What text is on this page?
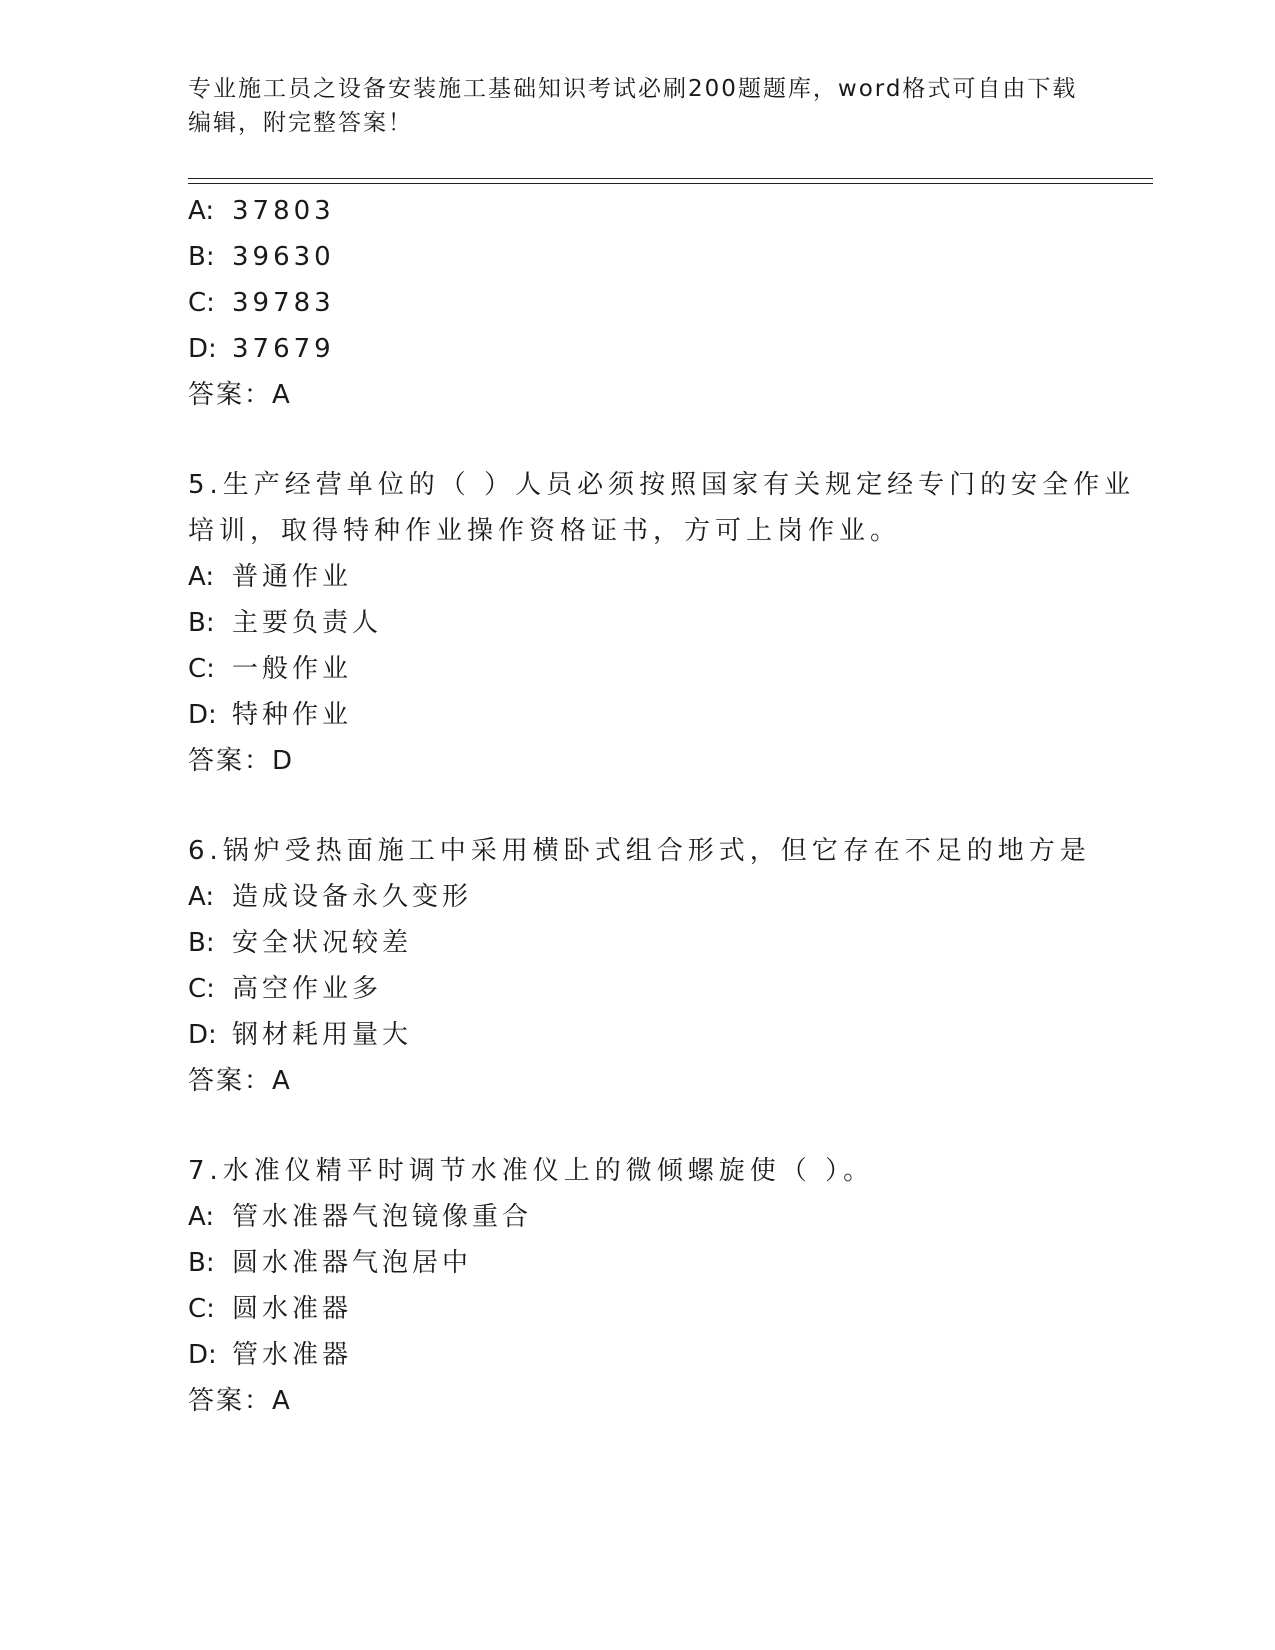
专业施工员之设备安装施工基础知识考试必刷200题题库，word格式可自由下载编辑，附完整答案！

A: 37803

B: 39630

C: 39783

D: 37679

答案：A

5.生产经营单位的（ ）人员必须按照国家有关规定经专门的安全作业培训，取得特种作业操作资格证书，方可上岗作业。

A: 普通作业

B: 主要负责人

C: 一般作业

D: 特种作业

答案：D

6.锅炉受热面施工中采用横卧式组合形式，但它存在不足的地方是

A: 造成设备永久变形

B: 安全状况较差

C: 高空作业多

D: 钢材耗用量大

答案：A

7.水准仪精平时调节水准仪上的微倾螺旋使（ ）。

A: 管水准器气泡镜像重合

B: 圆水准器气泡居中

C: 圆水准器

D: 管水准器

答案：A
